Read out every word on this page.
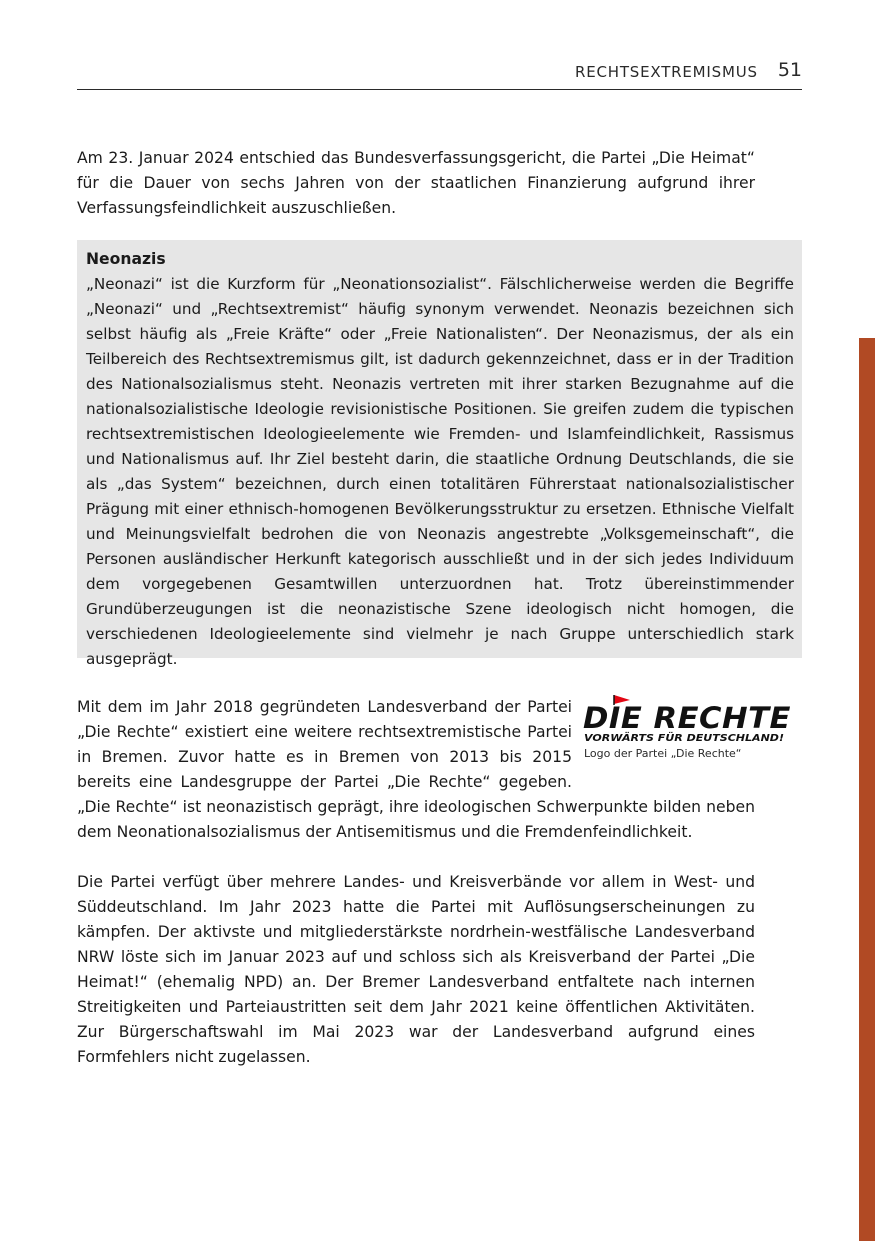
RECHTSEXTREMISMUS 51

Am 23. Januar 2024 entschied das Bundesverfassungsgericht, die Partei „Die Heimat“ für die Dauer von sechs Jahren von der staatlichen Finanzierung aufgrund ihrer Verfassungsfeindlichkeit auszuschließen.

Neonazis

„Neonazi“ ist die Kurzform für „Neonationsozialist“. Fälschlicherweise werden die Begriffe „Neonazi“ und „Rechtsextremist“ häufig synonym verwendet. Neonazis bezeichnen sich selbst häufig als „Freie Kräfte“ oder „Freie Nationalisten“. Der Neonazismus, der als ein Teilbereich des Rechtsextremismus gilt, ist dadurch gekennzeichnet, dass er in der Tradition des Nationalsozialismus steht. Neonazis vertreten mit ihrer starken Bezugnahme auf die nationalsozialistische Ideologie revisionistische Positionen. Sie greifen zudem die typischen rechtsextremistischen Ideologieelemente wie Fremden- und Islamfeindlichkeit, Rassismus und Nationalismus auf. Ihr Ziel besteht darin, die staatliche Ordnung Deutschlands, die sie als „das System“ bezeichnen, durch einen totalitären Führerstaat nationalsozialistischer Prägung mit einer ethnisch-homogenen Bevölkerungsstruktur zu ersetzen. Ethnische Vielfalt und Meinungsvielfalt bedrohen die von Neonazis angestrebte „Volksgemeinschaft“, die Personen ausländischer Herkunft kategorisch ausschließt und in der sich jedes Individuum dem vorgegebenen Gesamtwillen unterzuordnen hat. Trotz übereinstimmender Grundüberzeugungen ist die neonazistische Szene ideologisch nicht homogen, die verschiedenen Ideologieelemente sind vielmehr je nach Gruppe unterschiedlich stark ausgeprägt.

DIE RECHTE
VORWÄRTS FÜR DEUTSCHLAND!
Logo der Partei „Die Rechte“

Mit dem im Jahr 2018 gegründeten Landesverband der Partei „Die Rechte“ existiert eine weitere rechtsextremistische Partei in Bremen. Zuvor hatte es in Bremen von 2013 bis 2015 bereits eine Landesgruppe der Partei „Die Rechte“ gegeben. „Die Rechte“ ist neonazistisch geprägt, ihre ideologischen Schwerpunkte bilden neben dem Neonationalsozialismus der Antisemitismus und die Fremdenfeindlichkeit.

Die Partei verfügt über mehrere Landes- und Kreisverbände vor allem in West- und Süddeutschland. Im Jahr 2023 hatte die Partei mit Auflösungserscheinungen zu kämpfen. Der aktivste und mitgliederstärkste nordrhein-westfälische Landesverband NRW löste sich im Januar 2023 auf und schloss sich als Kreisverband der Partei „Die Heimat!“ (ehemalig NPD) an. Der Bremer Landesverband entfaltete nach internen Streitigkeiten und Parteiaustritten seit dem Jahr 2021 keine öffentlichen Aktivitäten. Zur Bürgerschaftswahl im Mai 2023 war der Landesverband aufgrund eines Formfehlers nicht zugelassen.
